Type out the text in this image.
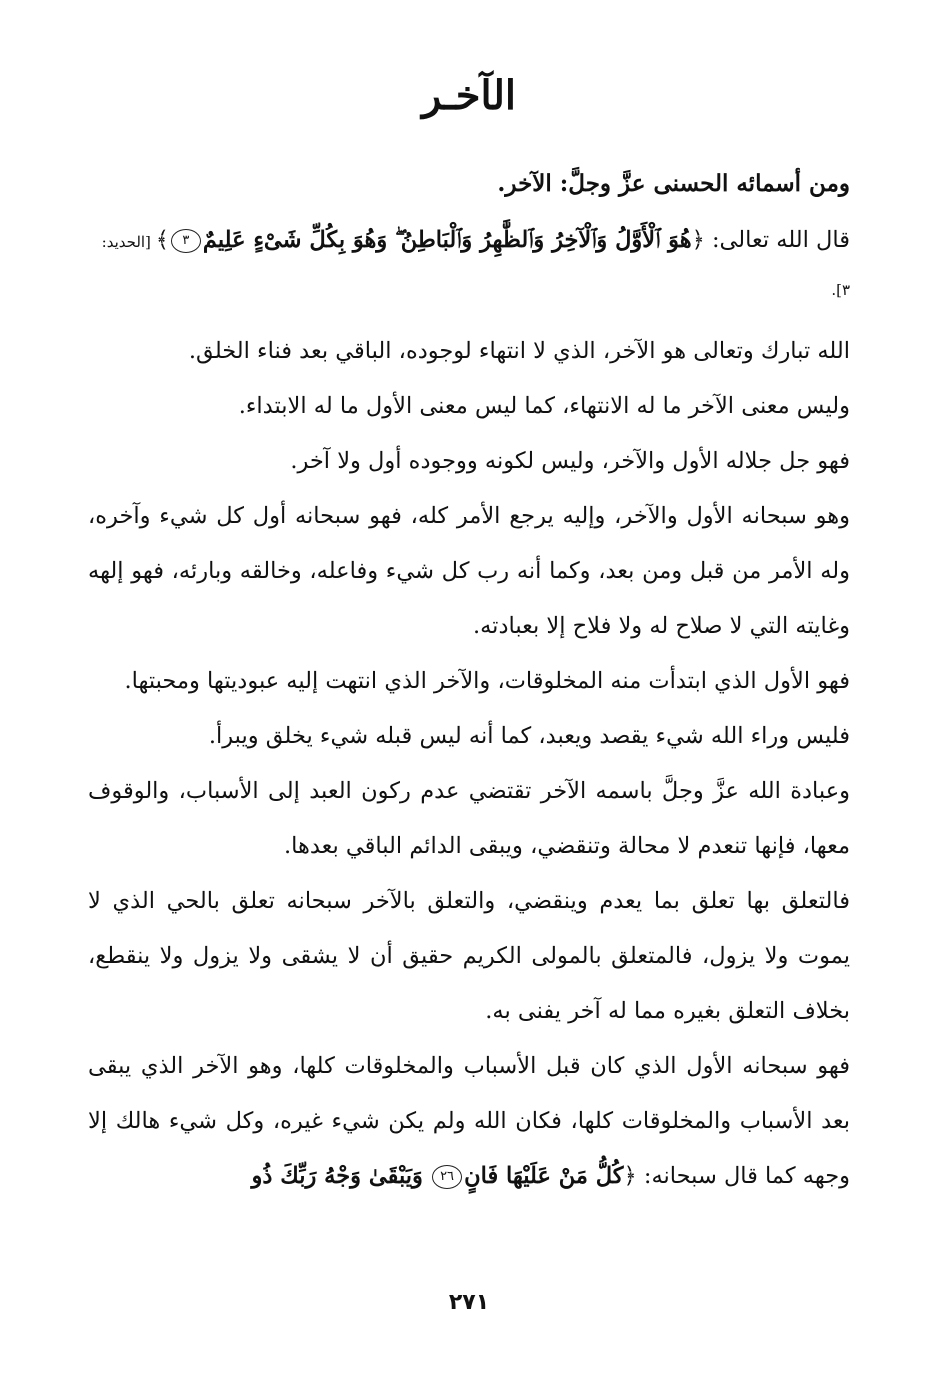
الآخـر

ومن أسمائه الحسنى عزَّ وجلَّ: الآخر.

قال الله تعالى: ﴿هُوَ ٱلْأَوَّلُ وَٱلْآخِرُ وَٱلظَّٰهِرُ وَٱلْبَاطِنُ ۖ وَهُوَ بِكُلِّ شَىْءٍ عَلِيمٌ٣﴾ [الحديد:

٣].

الله تبارك وتعالى هو الآخر، الذي لا انتهاء لوجوده، الباقي بعد فناء الخلق.

وليس معنى الآخر ما له الانتهاء، كما ليس معنى الأول ما له الابتداء.

فهو جل جلاله الأول والآخر، وليس لكونه ووجوده أول ولا آخر.

وهو سبحانه الأول والآخر، وإليه يرجع الأمر كله، فهو سبحانه أول كل شيء وآخره، وله الأمر من قبل ومن بعد، وكما أنه رب كل شيء وفاعله، وخالقه وبارئه، فهو إلهه وغايته التي لا صلاح له ولا فلاح إلا بعبادته.

فهو الأول الذي ابتدأت منه المخلوقات، والآخر الذي انتهت إليه عبوديتها ومحبتها.

فليس وراء الله شيء يقصد ويعبد، كما أنه ليس قبله شيء يخلق ويبرأ.

وعبادة الله عزَّ وجلَّ باسمه الآخر تقتضي عدم ركون العبد إلى الأسباب، والوقوف معها، فإنها تنعدم لا محالة وتنقضي، ويبقى الدائم الباقي بعدها.

فالتعلق بها تعلق بما يعدم وينقضي، والتعلق بالآخر سبحانه تعلق بالحي الذي لا يموت ولا يزول، فالمتعلق بالمولى الكريم حقيق أن لا يشقى ولا يزول ولا ينقطع، بخلاف التعلق بغيره مما له آخر يفنى به.

فهو سبحانه الأول الذي كان قبل الأسباب والمخلوقات كلها، وهو الآخر الذي يبقى بعد الأسباب والمخلوقات كلها، فكان الله ولم يكن شيء غيره، وكل شيء هالك إلا وجهه كما قال سبحانه: ﴿كُلُّ مَنْ عَلَيْهَا فَانٍ٢٦ وَيَبْقَىٰ وَجْهُ رَبِّكَ ذُو

٢٧١
